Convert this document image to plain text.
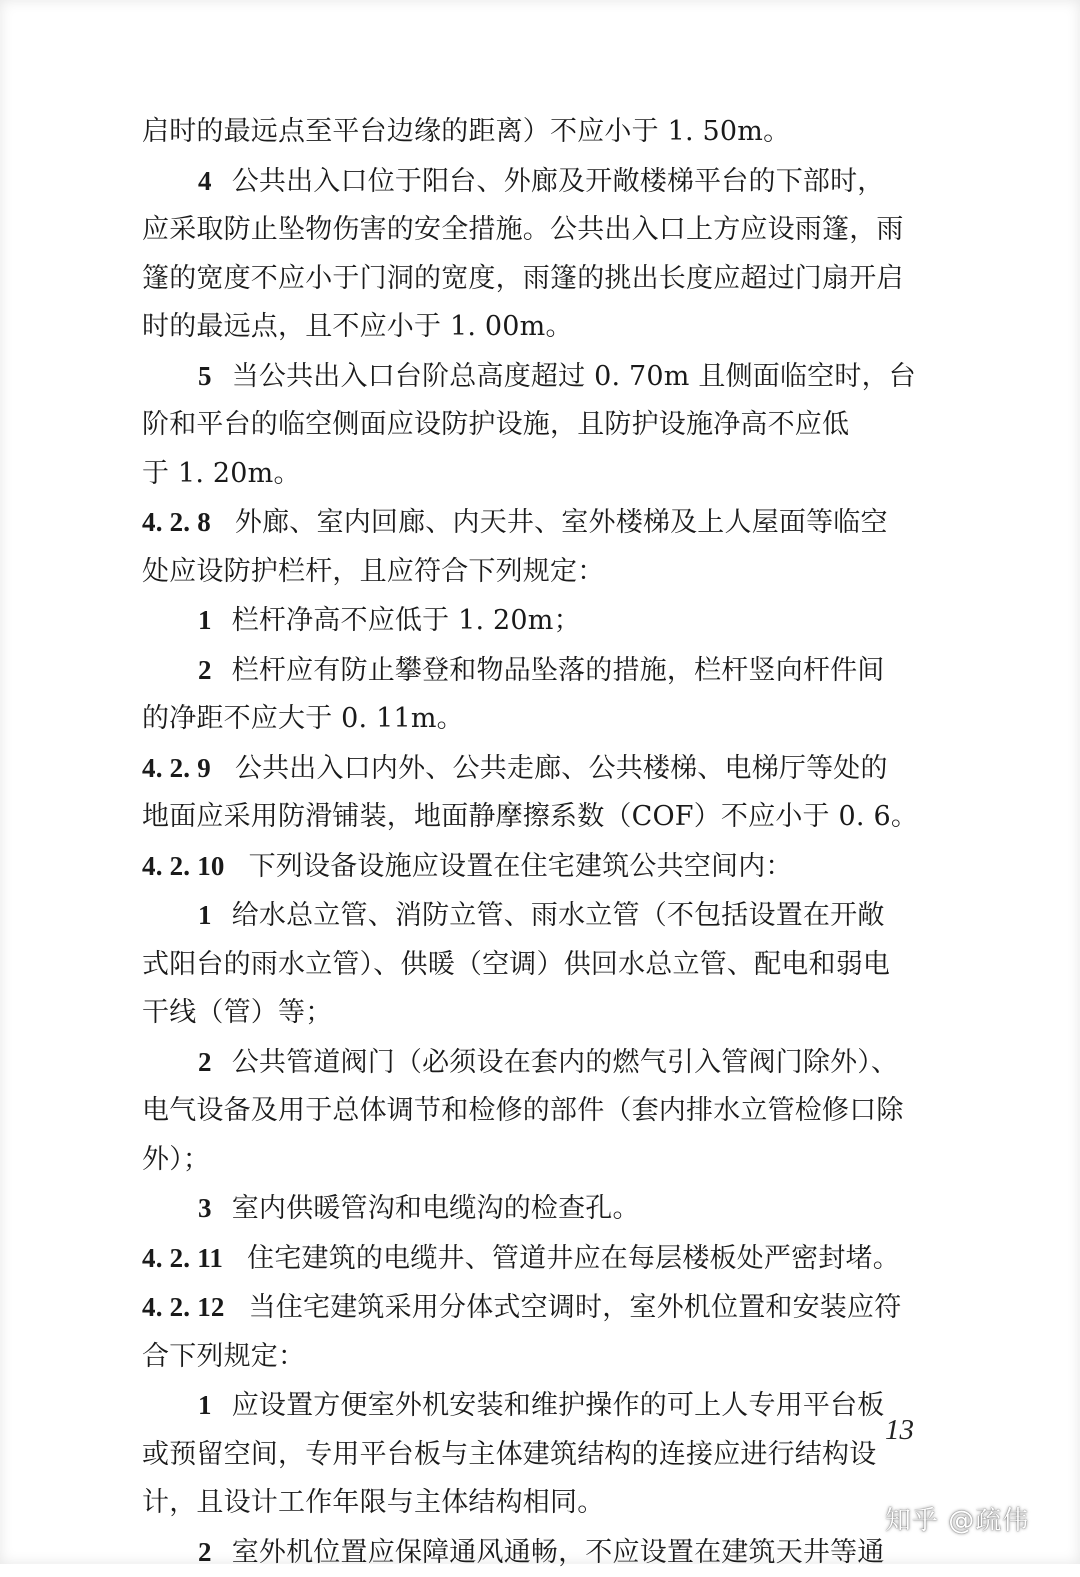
启时的最远点至平台边缘的距离）不应小于 1. 50m。
4 公共出入口位于阳台、外廊及开敞楼梯平台的下部时，
应采取防止坠物伤害的安全措施。公共出入口上方应设雨篷，雨
篷的宽度不应小于门洞的宽度，雨篷的挑出长度应超过门扇开启
时的最远点，且不应小于 1. 00m。
5 当公共出入口台阶总高度超过 0. 70m 且侧面临空时，台
阶和平台的临空侧面应设防护设施，且防护设施净高不应低
于 1. 20m。
4. 2. 8 外廊、室内回廊、内天井、室外楼梯及上人屋面等临空
处应设防护栏杆，且应符合下列规定：
1 栏杆净高不应低于 1. 20m；
2 栏杆应有防止攀登和物品坠落的措施，栏杆竖向杆件间
的净距不应大于 0. 11m。
4. 2. 9 公共出入口内外、公共走廊、公共楼梯、电梯厅等处的
地面应采用防滑铺装，地面静摩擦系数（COF）不应小于 0. 6。
4. 2. 10 下列设备设施应设置在住宅建筑公共空间内：
1 给水总立管、消防立管、雨水立管（不包括设置在开敞
式阳台的雨水立管）、供暖（空调）供回水总立管、配电和弱电
干线（管）等；
2 公共管道阀门（必须设在套内的燃气引入管阀门除外）、
电气设备及用于总体调节和检修的部件（套内排水立管检修口除
外）；
3 室内供暖管沟和电缆沟的检查孔。
4. 2. 11 住宅建筑的电缆井、管道井应在每层楼板处严密封堵。
4. 2. 12 当住宅建筑采用分体式空调时，室外机位置和安装应符
合下列规定：
1 应设置方便室外机安装和维护操作的可上人专用平台板
或预留空间，专用平台板与主体建筑结构的连接应进行结构设
计，且设计工作年限与主体结构相同。
2 室外机位置应保障通风通畅，不应设置在建筑天井等通
13
知乎 @疏伟
